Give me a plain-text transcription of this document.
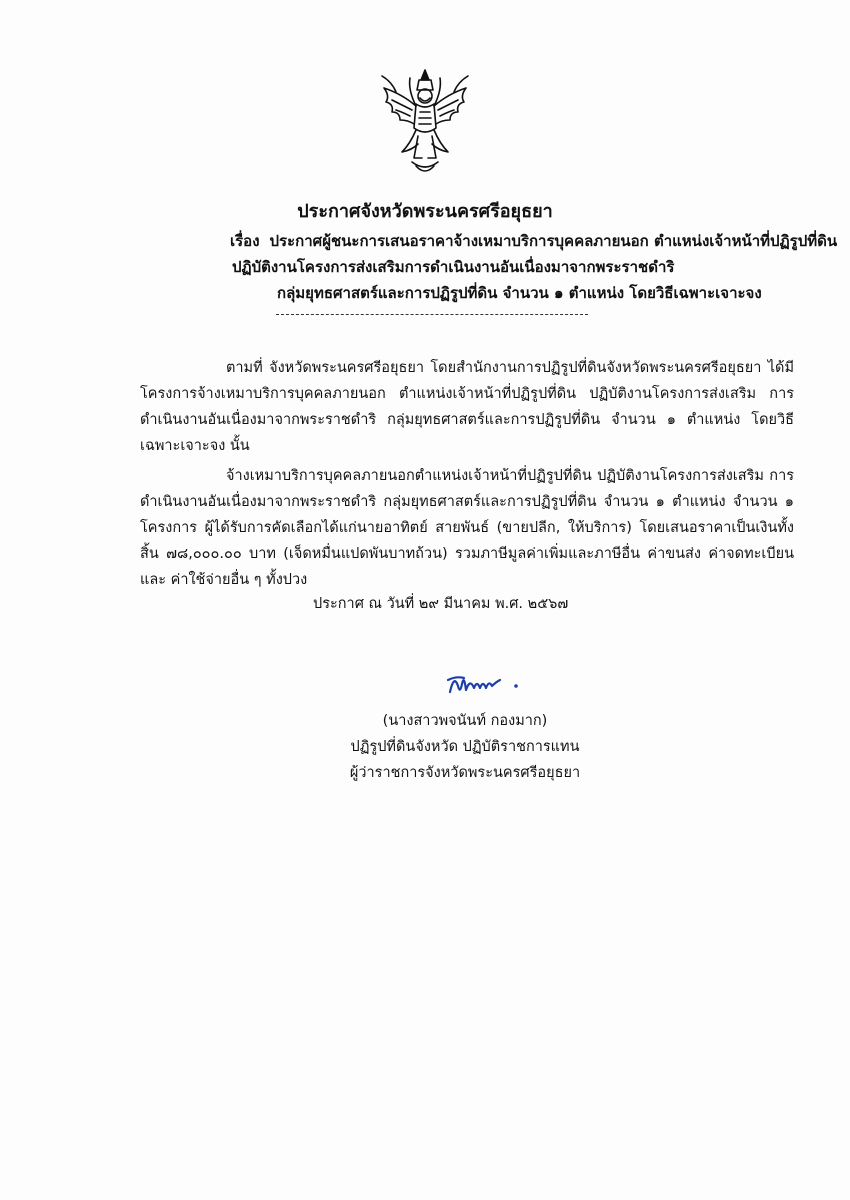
ประกาศจังหวัดพระนครศรีอยุธยา
เรื่อง ประกาศผู้ชนะการเสนอราคาจ้างเหมาบริการบุคคลภายนอก ตำแหน่งเจ้าหน้าที่ปฏิรูปที่ดิน
ปฏิบัติงานโครงการส่งเสริมการดำเนินงานอันเนื่องมาจากพระราชดำริ
กลุ่มยุทธศาสตร์และการปฏิรูปที่ดิน จำนวน ๑ ตำแหน่ง โดยวิธีเฉพาะเจาะจง

ตามที่ จังหวัดพระนครศรีอยุธยา โดยสำนักงานการปฏิรูปที่ดินจังหวัดพระนครศรีอยุธยา ได้มีโครงการจ้างเหมาบริการบุคคลภายนอก ตำแหน่งเจ้าหน้าที่ปฏิรูปที่ดิน ปฏิบัติงานโครงการส่งเสริม การดำเนินงานอันเนื่องมาจากพระราชดำริ กลุ่มยุทธศาสตร์และการปฏิรูปที่ดิน จำนวน ๑ ตำแหน่ง โดยวิธีเฉพาะเจาะจง นั้น

จ้างเหมาบริการบุคคลภายนอกตำแหน่งเจ้าหน้าที่ปฏิรูปที่ดิน ปฏิบัติงานโครงการส่งเสริม การดำเนินงานอันเนื่องมาจากพระราชดำริ กลุ่มยุทธศาสตร์และการปฏิรูปที่ดิน จำนวน ๑ ตำแหน่ง จำนวน ๑ โครงการ ผู้ได้รับการคัดเลือกได้แก่นายอาทิตย์ สายพันธ์ (ขายปลีก, ให้บริการ) โดยเสนอราคาเป็นเงินทั้งสิ้น ๗๘,๐๐๐.๐๐ บาท (เจ็ดหมื่นแปดพันบาทถ้วน) รวมภาษีมูลค่าเพิ่มและภาษีอื่น ค่าขนส่ง ค่าจดทะเบียน และ ค่าใช้จ่ายอื่น ๆ ทั้งปวง

ประกาศ ณ วันที่ ๒๙ มีนาคม พ.ศ. ๒๕๖๗
(นางสาวพจนันท์ กองมาก)
ปฏิรูปที่ดินจังหวัด ปฏิบัติราชการแทน
ผู้ว่าราชการจังหวัดพระนครศรีอยุธยา
